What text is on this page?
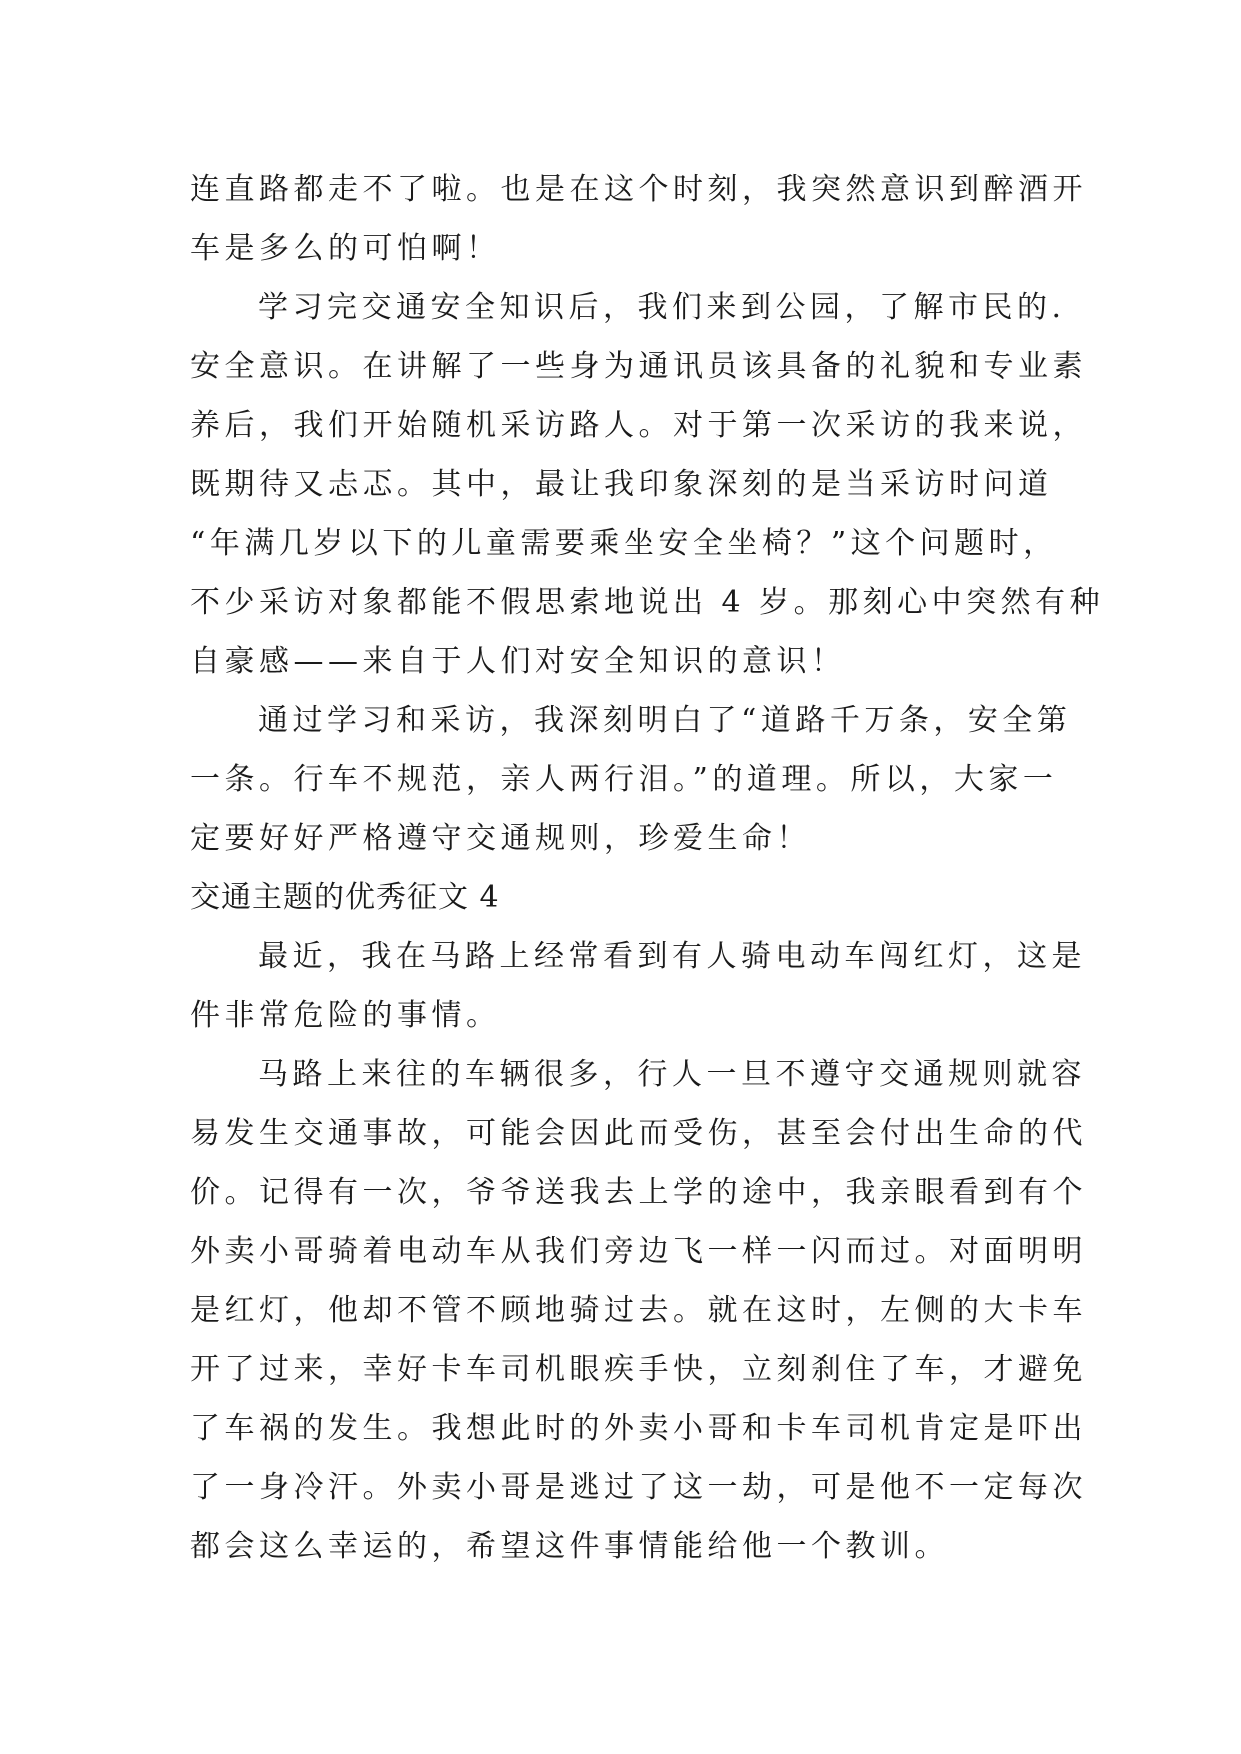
连直路都走不了啦。也是在这个时刻，我突然意识到醉酒开
车是多么的可怕啊！
学习完交通安全知识后，我们来到公园，了解市民的.
安全意识。在讲解了一些身为通讯员该具备的礼貌和专业素
养后，我们开始随机采访路人。对于第一次采访的我来说，
既期待又忐忑。其中，最让我印象深刻的是当采访时问道
“年满几岁以下的儿童需要乘坐安全坐椅？”这个问题时，
不少采访对象都能不假思索地说出 4 岁。那刻心中突然有种
自豪感——来自于人们对安全知识的意识！
通过学习和采访，我深刻明白了“道路千万条，安全第
一条。行车不规范，亲人两行泪。”的道理。所以，大家一
定要好好严格遵守交通规则，珍爱生命！
交通主题的优秀征文 4
最近，我在马路上经常看到有人骑电动车闯红灯，这是
件非常危险的事情。
马路上来往的车辆很多，行人一旦不遵守交通规则就容
易发生交通事故，可能会因此而受伤，甚至会付出生命的代
价。记得有一次，爷爷送我去上学的途中，我亲眼看到有个
外卖小哥骑着电动车从我们旁边飞一样一闪而过。对面明明
是红灯，他却不管不顾地骑过去。就在这时，左侧的大卡车
开了过来，幸好卡车司机眼疾手快，立刻刹住了车，才避免
了车祸的发生。我想此时的外卖小哥和卡车司机肯定是吓出
了一身冷汗。外卖小哥是逃过了这一劫，可是他不一定每次
都会这么幸运的，希望这件事情能给他一个教训。
